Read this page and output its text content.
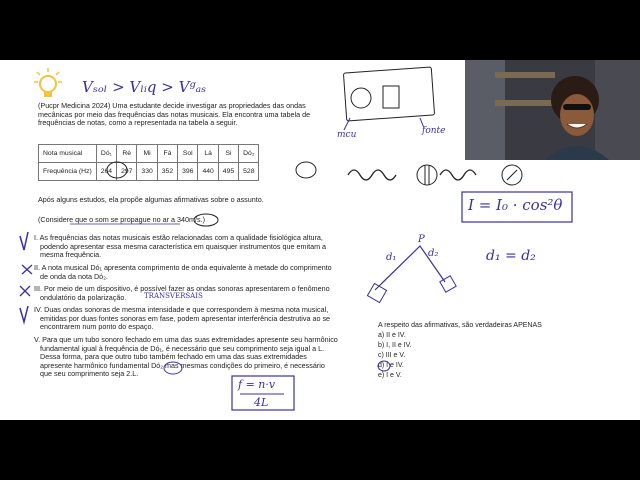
Vₛₒₗ > Vₗᵢq > Vᵍₐₛ
(Pucpr Medicina 2024) Uma estudante decide investigar as propriedades das ondas
mecânicas por meio das frequências das notas musicais. Ela encontra uma tabela de
frequências de notas, como a representada na tabela a seguir.
Nota musical	Dó₁	Ré	Mi	Fá	Sol	Lá	Si	Dó₂
Frequência (Hz)	264	297	330	352	396	440	495	528
Após alguns estudos, ela propõe algumas afirmativas sobre o assunto.
(Considere que o som se propague no ar a 340m/s.)
I. As frequências das notas musicais estão relacionadas com a qualidade fisiológica altura,
podendo apresentar essa mesma característica em quaisquer instrumentos que emitam a
mesma frequência.
II. A nota musical Dó₁ apresenta comprimento de onda equivalente à metade do comprimento
de onda da nota Dó₂.
III. Por meio de um dispositivo, é possível fazer as ondas sonoras apresentarem o fenômeno
ondulatório da polarização.
IV. Duas ondas sonoras de mesma intensidade e que correspondem à mesma nota musical,
emitidas por duas fontes sonoras em fase, podem apresentar interferência destrutiva ao se
encontrarem num ponto do espaço.
V. Para que um tubo sonoro fechado em uma das suas extremidades apresente seu harmônico
fundamental igual à frequência de Dó₁, é necessário que seu comprimento seja igual a L.
Dessa forma, para que outro tubo também fechado em uma das suas extremidades
apresente harmônico fundamental Dó₂ mas mesmas condições do primeiro, é necessário
que seu comprimento seja 2.L.
A respeito das afirmativas, são verdadeiras APENAS
a) II e IV.
b) I, II e IV.
c) III e V.
d) I e IV.
e) I e V.
mcu	fonte
I = I₀ · cos²θ
d₁
P
d₂	d₁ = d₂
TRANSVERSAIS
f = n·v
4L
